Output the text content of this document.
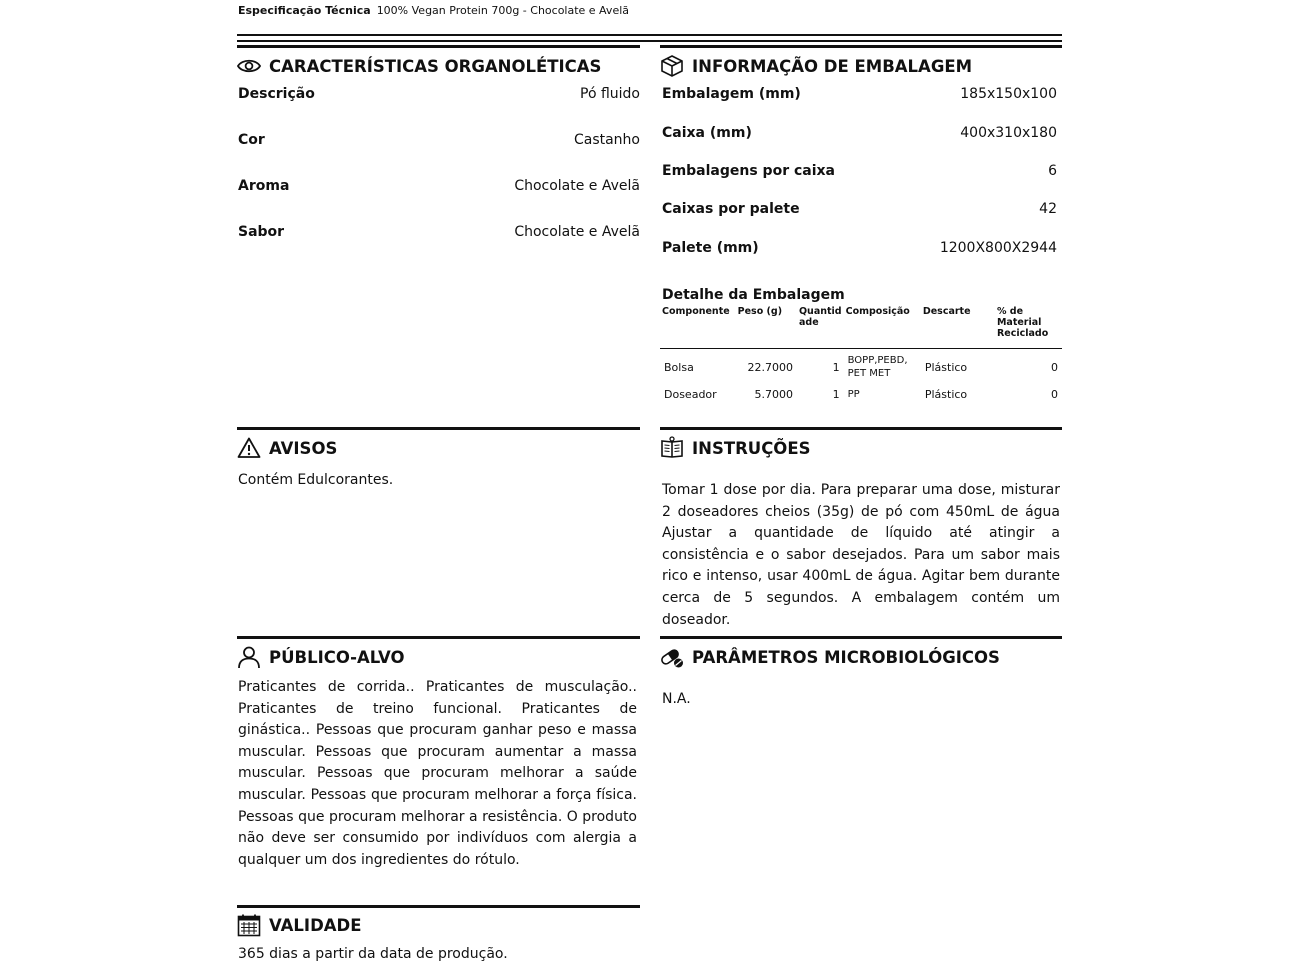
Especificação Técnica 100% Vegan Protein 700g - Chocolate e Avelã
CARACTERÍSTICAS ORGANOLÉTICAS
Descrição	Pó fluido
Cor	Castanho
Aroma	Chocolate e Avelã
Sabor	Chocolate e Avelã
INFORMAÇÃO DE EMBALAGEM
Embalagem (mm)	185x150x100
Caixa (mm)	400x310x180
Embalagens por caixa	6
Caixas por palete	42
Palete (mm)	1200X800X2944
Detalhe da Embalagem
Componente	Peso (g)	Quantid ade	Composição	Descarte	% de Material Reciclado
Bolsa	22.7000	1	BOPP,PEBD, PET MET	Plástico	0
Doseador	5.7000	1	PP	Plástico	0
AVISOS
Contém Edulcorantes.
INSTRUÇÕES
Tomar 1 dose por dia. Para preparar uma dose, misturar 2 doseadores cheios (35g) de pó com 450mL de água Ajustar a quantidade de líquido até atingir a consistência e o sabor desejados. Para um sabor mais rico e intenso, usar 400mL de água. Agitar bem durante cerca de 5 segundos. A embalagem contém um doseador.
PÚBLICO-ALVO
Praticantes de corrida.. Praticantes de musculação.. Praticantes de treino funcional. Praticantes de ginástica.. Pessoas que procuram ganhar peso e massa muscular. Pessoas que procuram aumentar a massa muscular. Pessoas que procuram melhorar a saúde muscular. Pessoas que procuram melhorar a força física. Pessoas que procuram melhorar a resistência. O produto não deve ser consumido por indivíduos com alergia a qualquer um dos ingredientes do rótulo.
PARÂMETROS MICROBIOLÓGICOS
N.A.
VALIDADE
365 dias a partir da data de produção.
